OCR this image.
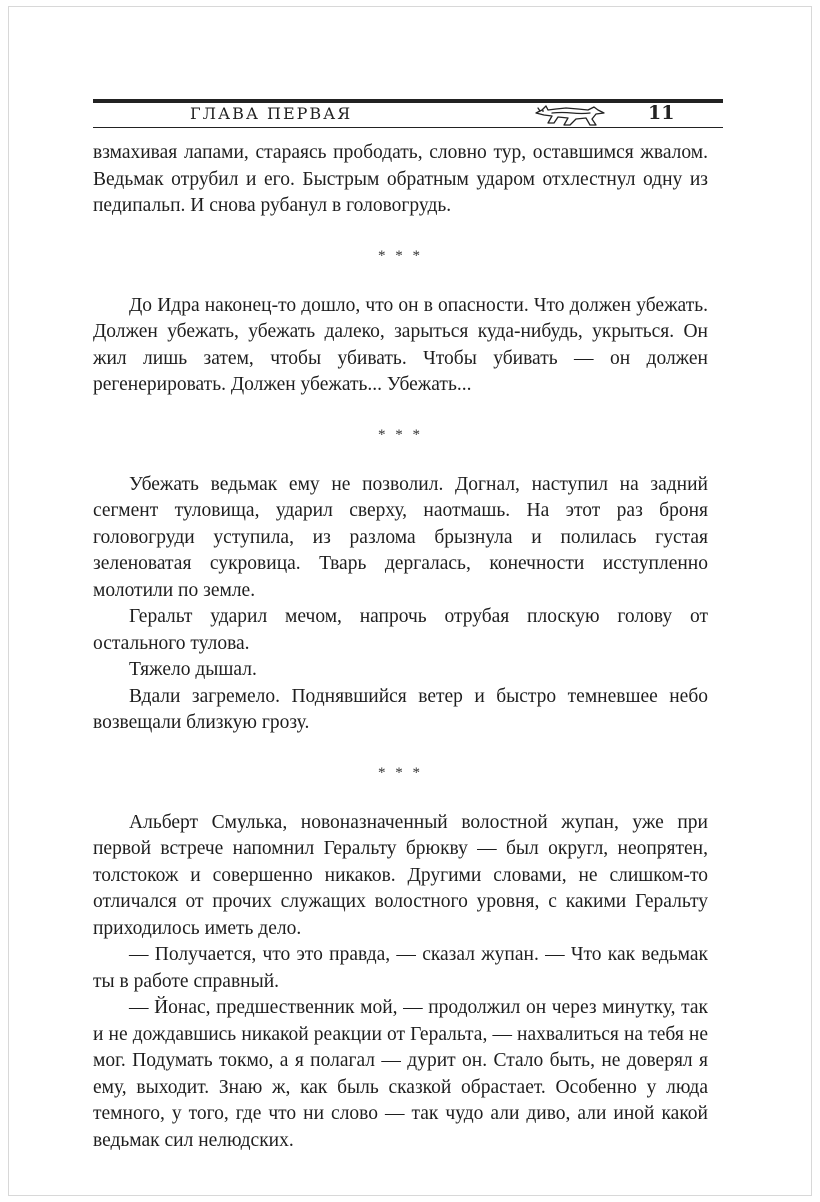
ГЛАВА ПЕРВАЯ	11

взмахивая лапами, стараясь прободать, словно тур, оставшимся жвалом. Ведьмак отрубил и его. Быстрым обратным ударом отхлестнул одну из педипальп. И снова рубанул в головогрудь.

* * *

До Идра наконец-то дошло, что он в опасности. Что должен убежать. Должен убежать, убежать далеко, зарыться куда-нибудь, укрыться. Он жил лишь затем, чтобы убивать. Чтобы убивать — он должен регенерировать. Должен убежать... Убежать...

* * *

Убежать ведьмак ему не позволил. Догнал, наступил на задний сегмент туловища, ударил сверху, наотмашь. На этот раз броня головогруди уступила, из разлома брызнула и полилась густая зеленоватая сукровица. Тварь дергалась, конечности исступленно молотили по земле.

Геральт ударил мечом, напрочь отрубая плоскую голову от остального тулова.

Тяжело дышал.

Вдали загремело. Поднявшийся ветер и быстро темневшее небо возвещали близкую грозу.

* * *

Альберт Смулька, новоназначенный волостной жупан, уже при первой встрече напомнил Геральту брюкву — был округл, неопрятен, толстокож и совершенно никаков. Другими словами, не слишком-то отличался от прочих служащих волостного уровня, с какими Геральту приходилось иметь дело.

— Получается, что это правда, — сказал жупан. — Что как ведьмак ты в работе справный.

— Йонас, предшественник мой, — продолжил он через минутку, так и не дождавшись никакой реакции от Геральта, — нахвалиться на тебя не мог. Подумать токмо, а я полагал — дурит он. Стало быть, не доверял я ему, выходит. Знаю ж, как быль сказкой обрастает. Особенно у люда темного, у того, где что ни слово — так чудо али диво, али иной какой ведьмак сил нелюдских.
